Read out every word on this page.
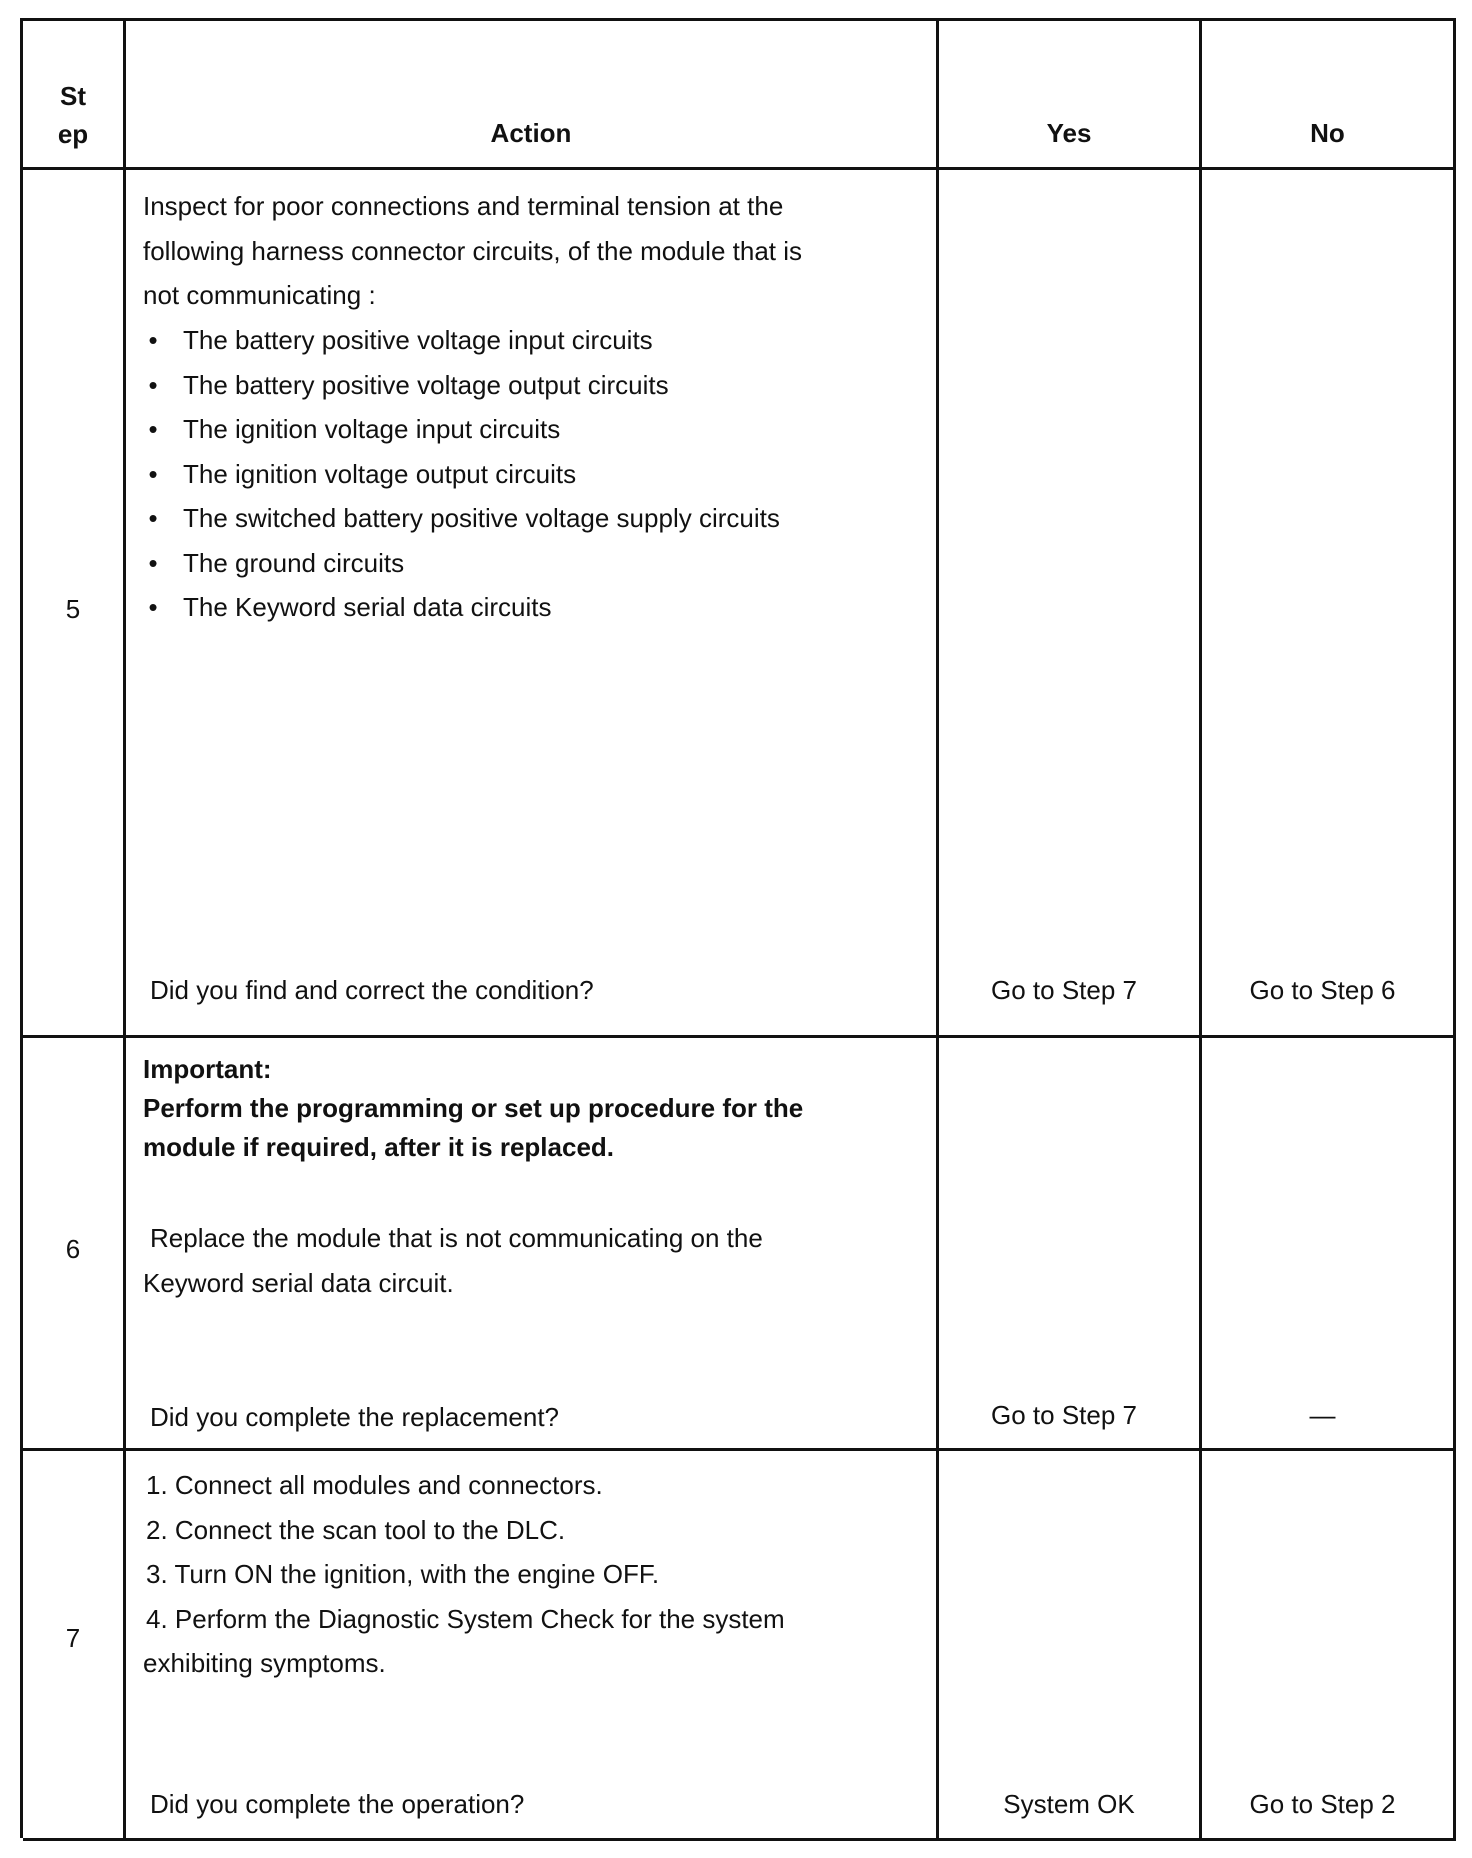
St
ep	Action	Yes	No
5
Inspect for poor connections and terminal tension at the
following harness connector circuits, of the module that is
not communicating :
• The battery positive voltage input circuits
• The battery positive voltage output circuits
• The ignition voltage input circuits
• The ignition voltage output circuits
• The switched battery positive voltage supply circuits
• The ground circuits
• The Keyword serial data circuits
Did you find and correct the condition?	Go to Step 7	Go to Step 6
6
Important:
Perform the programming or set up procedure for the
module if required, after it is replaced.
Replace the module that is not communicating on the
Keyword serial data circuit.
Did you complete the replacement?	Go to Step 7	—
7
1. Connect all modules and connectors.
2. Connect the scan tool to the DLC.
3. Turn ON the ignition, with the engine OFF.
4. Perform the Diagnostic System Check for the system
exhibiting symptoms.
Did you complete the operation?	System OK	Go to Step 2
